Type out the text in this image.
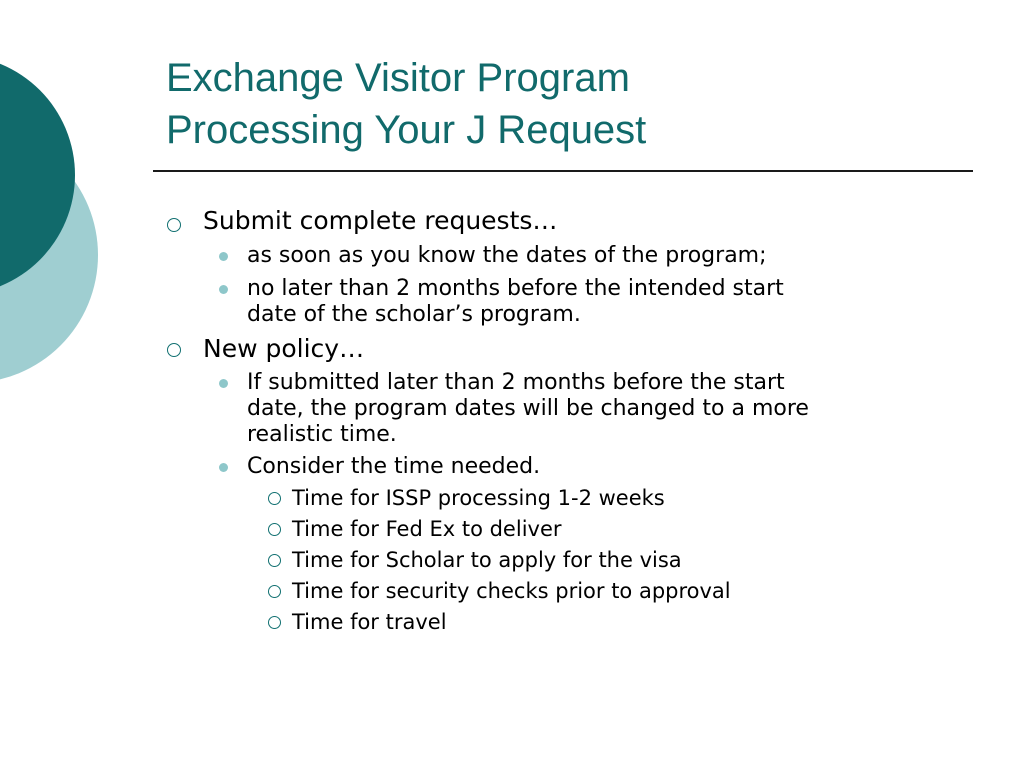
Exchange Visitor Program
Processing Your J Request
Submit complete requests…
as soon as you know the dates of the program;
no later than 2 months before the intended start
date of the scholar’s program.
New policy…
If submitted later than 2 months before the start
date, the program dates will be changed to a more
realistic time.
Consider the time needed.
Time for ISSP processing 1-2 weeks
Time for Fed Ex to deliver
Time for Scholar to apply for the visa
Time for security checks prior to approval
Time for travel
